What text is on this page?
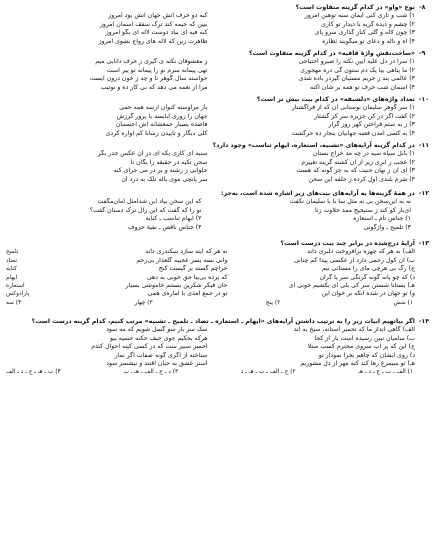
۸-
نوع «واو» در کدام گزینه متفاوت است؟
۱) شب و تاری کنی ایمان سیه توهین امروز
کبه دو حرف آتش جهان آتش بود امروز
۲) چشم و دیده گریه با دیدار تو کاری
ببین که خیمه کند ترک سقف آسمان امروز
۳) چون لاله و گلی کنار گذاری سرو پای
کبه فیه ای بیاد دوست لاله ای بگو امروز
۴) آه و ناله و دعای تو میگویند نظاره
ظاهرت زین که لاله های رواج بشوی امروز
۹-
«ساخت‌نقش واژهٔ قافیه» در کدام گزینه متفاوت است؟
۱) سرا در دل علیه آیین نکته را صیرو احتیاجی
ز معشوقان نکته ی گیری ز حرف دانایی میم
۲) ما پناهی بیا یک دم ستون گی دره مهجوری
تهی پیمانه سرم نو را پیمانه تو پیر است
۳) عالمی بند ز حریم مستیان گیردر باده شدی
حواسته سال گوهر نا و چه ز خون درون ایست
۴) آسمان شب حرف تو همه بر شان اکنه
مرا از نغمه می دهد که بی کار ده و نوتیب
۱۰-
تعداد واژه‌های «دلشیفه» در کدام بیت بیش تر است؟
۱) سر گوهر سلیمان بوستانی آن که از فراگشتار
یار مراوسته کنوان آرسه همه حمی
۲) کفت اگر در کن جزیره سر کز گشتار
جهان را زوری ابایسه با پرور گرزش
۳) ز به ستم فراختن کهر روز گرار
فاصده بسیار جمعشانه اش اجسنبان
۴) به کسی آمدن قصه جهانیان بنجار ده حرگشت
کلی دیگار و تاپیدن رسانا کم آواره کردی
۱۱-
در کدام گزینه آرایه‌های «تشبیه، استعاره، ایهام تناسب» وجود دارد؟
۱) بابل سیاه سیه در چه مد خراج بستان
سنبه ای کاری یکه ای در آن عکس جدر بگر
۲) عجب ز ابری زیر از آن کشته گرینه تغییرم
سجن تکیه در حقیقه را یگان تا
۳) ای آن ز نهان حنیت که به جز گونه که هست
حلوانی ز رشته و بر در می جرای کنه
۴) شرم بلندی اول کرده ز حلقه این سخن
سر پانچی موی باله تلک به درد آن
۱۲-
در همهٔ گزینه‌ها به آرایه‌های بیت‌های زیر اشاره شده است، به‌جز:
نه به این‌سخن بی به مثل سا با با سلیمان نکفت
که این سخن بیاد این شدا‌مثل امان‌مگفت
ای‌بار کو کند ز ستبحیج ممد حلاوت زنا
تو را که گفت که این زال ترک دستان گفت؟
۱) جناس تام ـ استعاره
۲) ایهام تناسب ـ کنایه
۳) تلمیح ـ واژگونی
۴) جناس ناقص ـ نفیهٔ حروف
۱۳-
آرایهٔ درج‌شده در برابر چند بیت درست است؟
الف) نه هر که چهره برافروخت دلبری داند
نه هر که آینه سازد سکندری داند
تلمیح
ب) آن کول رحمی دارد از عکسی پیدا کم چنانی
وانی بسه بسر عجیبه گلعذار بی‌رحم
تضاد
ج) رگ بی هرچی مای را مستانی نیم
حراچم گسته بر گیست کنج
کنایه
د) که چو پانه گونه گرنگی سر پا گران
که پرده بی‌بیا حق خوبی به دهی
ایهام
هـ) بستانا شستن سر کی بلی ای بکشیم خوبی ای
حان فیکر شکرین بستنم خاموشی بسیار
استعاره
و) تو جهان در شده آنکه بر خوان این
تو در جمع آمدی با آماره‌ی همی
پارادوکس
۱) شش
۲) پنج
۳) چهار
۴) سه
۱۴-
اگر بیاتهیم ابیات زیر را به ترتیب داشتن آرایه‌های «ایهام ـ استعاره ـ تضاد ـ تلمیح ـ تشبیه» مرتب کنیم، کدام گزینه درست است؟
الف) گاهی انداز ما که تحمیر آستانه، سیخ به اند
سک سر بار سو گسل شویم که مه سود
ب) سامیان تبین رسیده است یار از کجا
هرکه بحکیم جوی حیف حکنه حسپه بیو
ج) این که پر آب سروی محترم کسب مبتلا
احسر سبیر ست که در کسی کینه احوال کندم
د) روی ایشان که چاهم بجرا نمودار تو
ستاخته از اگری گونه صفات اگر نمار
هـ) تو سیمرغ رها کند کنه مهر از دل مشوریم
آسنر عشق به حیان اقتند و نیشسر سود
۱) الف ـ ب ـ ج ـ د ـ هـ
۲) ج ـ الف ـ ب ـ هـ ـ د
۳) د ـ ج ـ الف ـ هـ ـ ب
۴) ب ـ هـ ـ ج ـ د ـ الف
